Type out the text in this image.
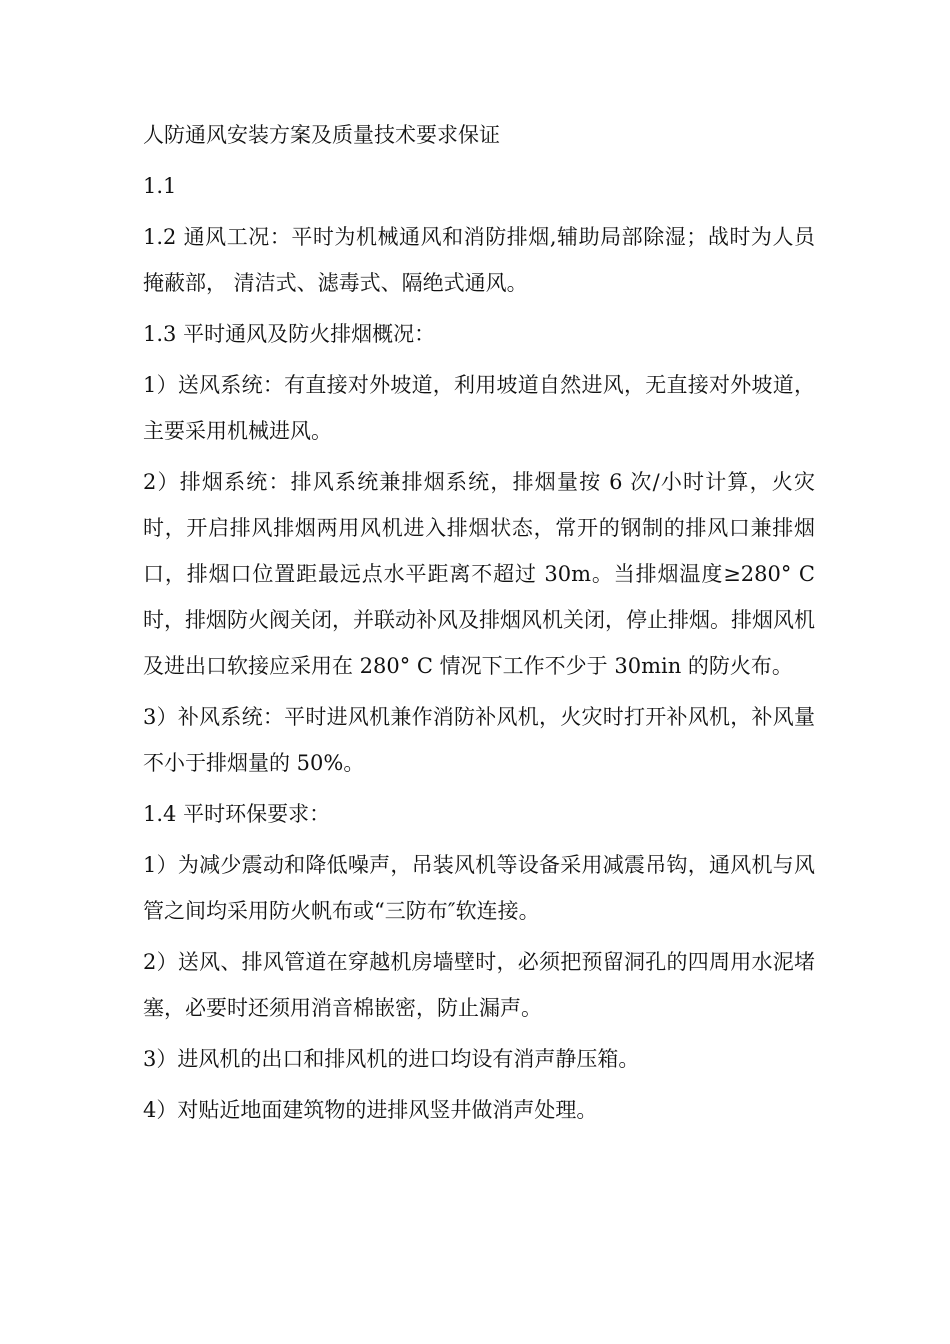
人防通风安装方案及质量技术要求保证

1.1

1.2 通风工况：平时为机械通风和消防排烟,辅助局部除湿；战时为人员掩蔽部， 清洁式、滤毒式、隔绝式通风。

1.3 平时通风及防火排烟概况：

1）送风系统：有直接对外坡道，利用坡道自然进风，无直接对外坡道，主要采用机械进风。

2）排烟系统：排风系统兼排烟系统，排烟量按 6 次/小时计算，火灾时，开启排风排烟两用风机进入排烟状态，常开的钢制的排风口兼排烟口，排烟口位置距最远点水平距离不超过 30m。当排烟温度≥280° C 时，排烟防火阀关闭，并联动补风及排烟风机关闭，停止排烟。排烟风机及进出口软接应采用在 280° C 情况下工作不少于 30min 的防火布。

3）补风系统：平时进风机兼作消防补风机，火灾时打开补风机，补风量不小于排烟量的 50%。

1.4 平时环保要求：

1）为减少震动和降低噪声，吊装风机等设备采用减震吊钩，通风机与风管之间均采用防火帆布或“三防布″软连接。

2）送风、排风管道在穿越机房墙壁时，必须把预留洞孔的四周用水泥堵塞，必要时还须用消音棉嵌密，防止漏声。

3）进风机的出口和排风机的进口均设有消声静压箱。

4）对贴近地面建筑物的进排风竖井做消声处理。
